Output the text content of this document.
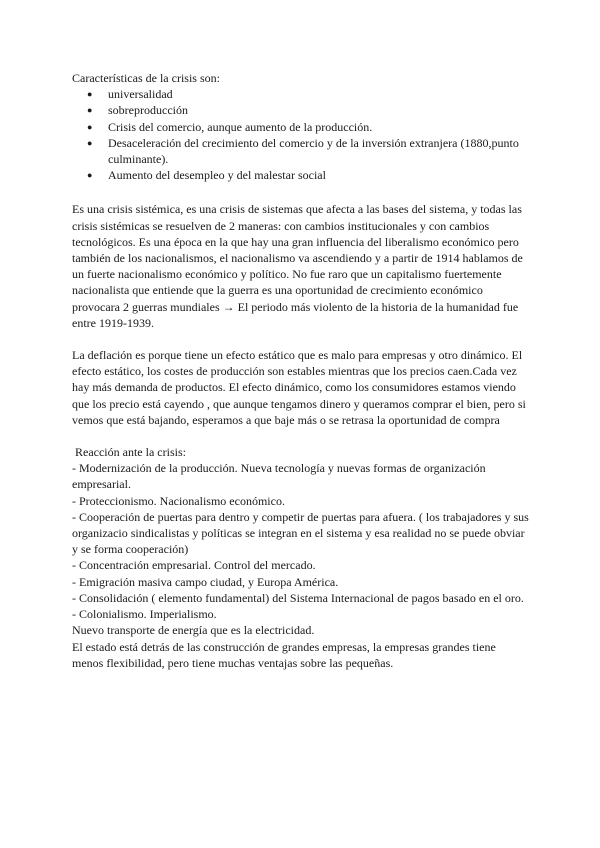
Características de la crisis son:

● universalidad
● sobreproducción
● Crisis del comercio, aunque aumento de la producción.
● Desaceleración del crecimiento del comercio y de la inversión extranjera (1880,punto culminante).
● Aumento del desempleo y del malestar social

Es una crisis sistémica, es una crisis de sistemas que afecta a las bases del sistema, y todas las crisis sistémicas se resuelven de 2 maneras: con cambios institucionales y con cambios tecnológicos. Es una época en la que hay una gran influencia del liberalismo económico pero también de los nacionalismos, el nacionalismo va ascendiendo y a partir de 1914 hablamos de un fuerte nacionalismo económico y político. No fue raro que un capitalismo fuertemente nacionalista que entiende que la guerra es una oportunidad de crecimiento económico provocara 2 guerras mundiales → El periodo más violento de la historia de la humanidad fue entre 1919-1939.

La deflación es porque tiene un efecto estático que es malo para empresas y otro dinámico. El efecto estático, los costes de producción son estables mientras que los precios caen.Cada vez hay más demanda de productos. El efecto dinámico, como los consumidores estamos viendo que los precio está cayendo , que aunque tengamos dinero y queramos comprar el bien, pero si vemos que está bajando, esperamos a que baje más o se retrasa la oportunidad de compra

Reacción ante la crisis:

- Modernización de la producción. Nueva tecnología y nuevas formas de organización empresarial.

- Proteccionismo. Nacionalismo económico.

- Cooperación de puertas para dentro y competir de puertas para afuera. ( los trabajadores y sus organizacio sindicalistas y políticas se integran en el sistema y esa realidad no se puede obviar y se forma cooperación)

- Concentración empresarial. Control del mercado.

- Emigración masiva campo ciudad, y Europa América.

- Consolidación ( elemento fundamental) del Sistema Internacional de pagos basado en el oro.

- Colonialismo. Imperialismo.

Nuevo transporte de energía que es la electricidad.

El estado está detrás de las construcción de grandes empresas, la empresas grandes tiene menos flexibilidad, pero tiene muchas ventajas sobre las pequeñas.
